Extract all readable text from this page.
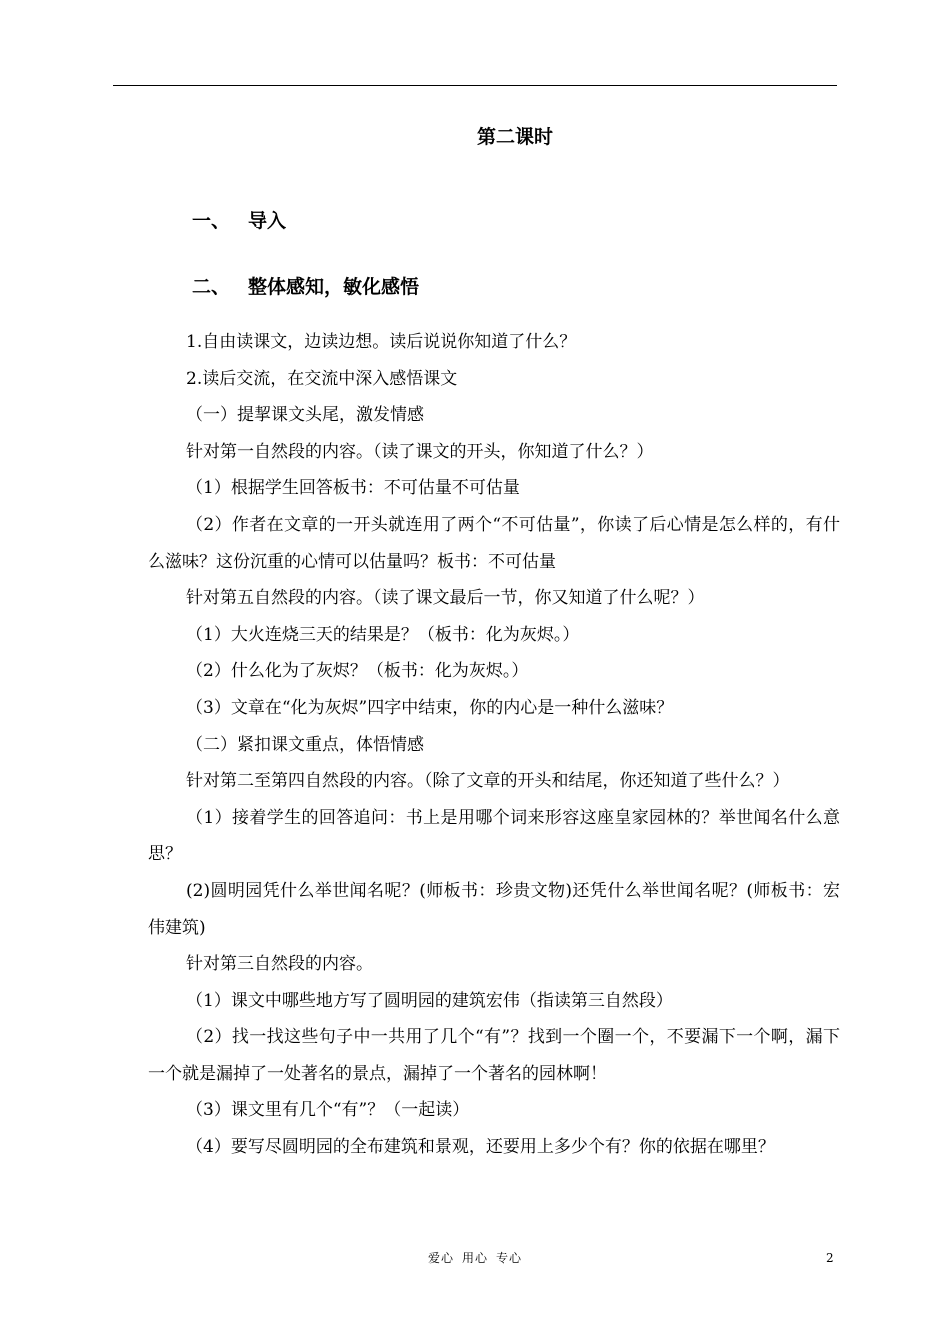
第二课时
一、 导入
二、 整体感知，敏化感悟

1.自由读课文，边读边想。读后说说你知道了什么？

2.读后交流，在交流中深入感悟课文

（一）提挈课文头尾，激发情感

针对第一自然段的内容。（读了课文的开头，你知道了什么？）

（1）根据学生回答板书：不可估量不可估量

（2）作者在文章的一开头就连用了两个“不可估量”，你读了后心情是怎么样的，有什么滋味？这份沉重的心情可以估量吗？板书：不可估量

针对第五自然段的内容。（读了课文最后一节，你又知道了什么呢？）

（1）大火连烧三天的结果是？（板书：化为灰烬。）

（2）什么化为了灰烬？（板书：化为灰烬。）

（3）文章在“化为灰烬”四字中结束，你的内心是一种什么滋味？

（二）紧扣课文重点，体悟情感

针对第二至第四自然段的内容。（除了文章的开头和结尾，你还知道了些什么？）

（1）接着学生的回答追问：书上是用哪个词来形容这座皇家园林的？举世闻名什么意思？

(2)圆明园凭什么举世闻名呢？(师板书：珍贵文物)还凭什么举世闻名呢？(师板书：宏伟建筑)

针对第三自然段的内容。

（1）课文中哪些地方写了圆明园的建筑宏伟（指读第三自然段）

（2）找一找这些句子中一共用了几个“有”？找到一个圈一个，不要漏下一个啊，漏下一个就是漏掉了一处著名的景点，漏掉了一个著名的园林啊！

（3）课文里有几个“有”？（一起读）

（4）要写尽圆明园的全布建筑和景观，还要用上多少个有？你的依据在哪里？

爱心 用心 专心	2
